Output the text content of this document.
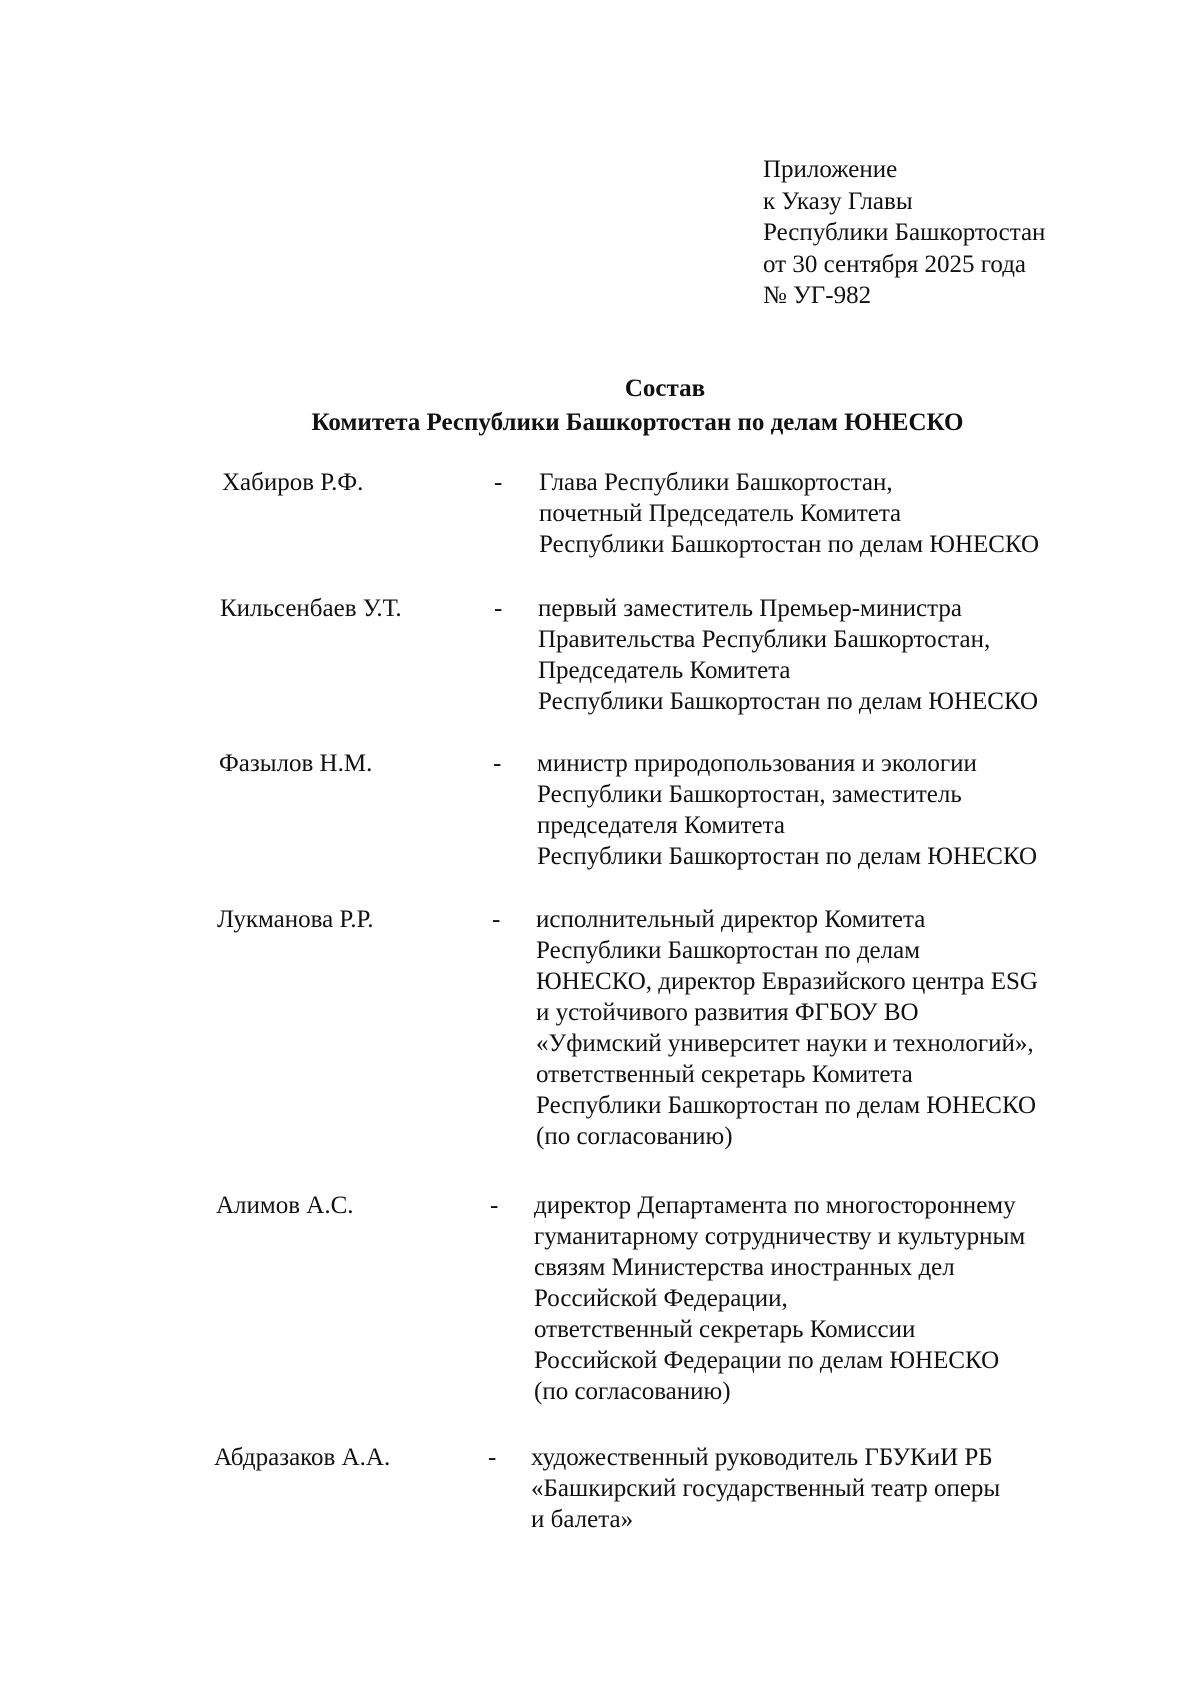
Приложение
к Указу Главы
Республики Башкортостан
от 30 сентября 2025 года
№ УГ-982
Состав
Комитета Республики Башкортостан по делам ЮНЕСКО
Хабиров Р.Ф.	- Глава Республики Башкортостан,
почетный Председатель Комитета
Республики Башкортостан по делам ЮНЕСКО
Кильсенбаев У.Т.	- первый заместитель Премьер-министра
Правительства Республики Башкортостан,
Председатель Комитета
Республики Башкортостан по делам ЮНЕСКО
Фазылов Н.М.	- министр природопользования и экологии
Республики Башкортостан, заместитель
председателя Комитета
Республики Башкортостан по делам ЮНЕСКО
Лукманова Р.Р.	- исполнительный директор Комитета
Республики Башкортостан по делам
ЮНЕСКО, директор Евразийского центра ESG
и устойчивого развития ФГБОУ ВО
«Уфимский университет науки и технологий»,
ответственный секретарь Комитета
Республики Башкортостан по делам ЮНЕСКО
(по согласованию)
Алимов А.С.	- директор Департамента по многостороннему
гуманитарному сотрудничеству и культурным
связям Министерства иностранных дел
Российской Федерации,
ответственный секретарь Комиссии
Российской Федерации по делам ЮНЕСКО
(по согласованию)
Абдразаков А.А.	- художественный руководитель ГБУКиИ РБ
«Башкирский государственный театр оперы
и балета»
